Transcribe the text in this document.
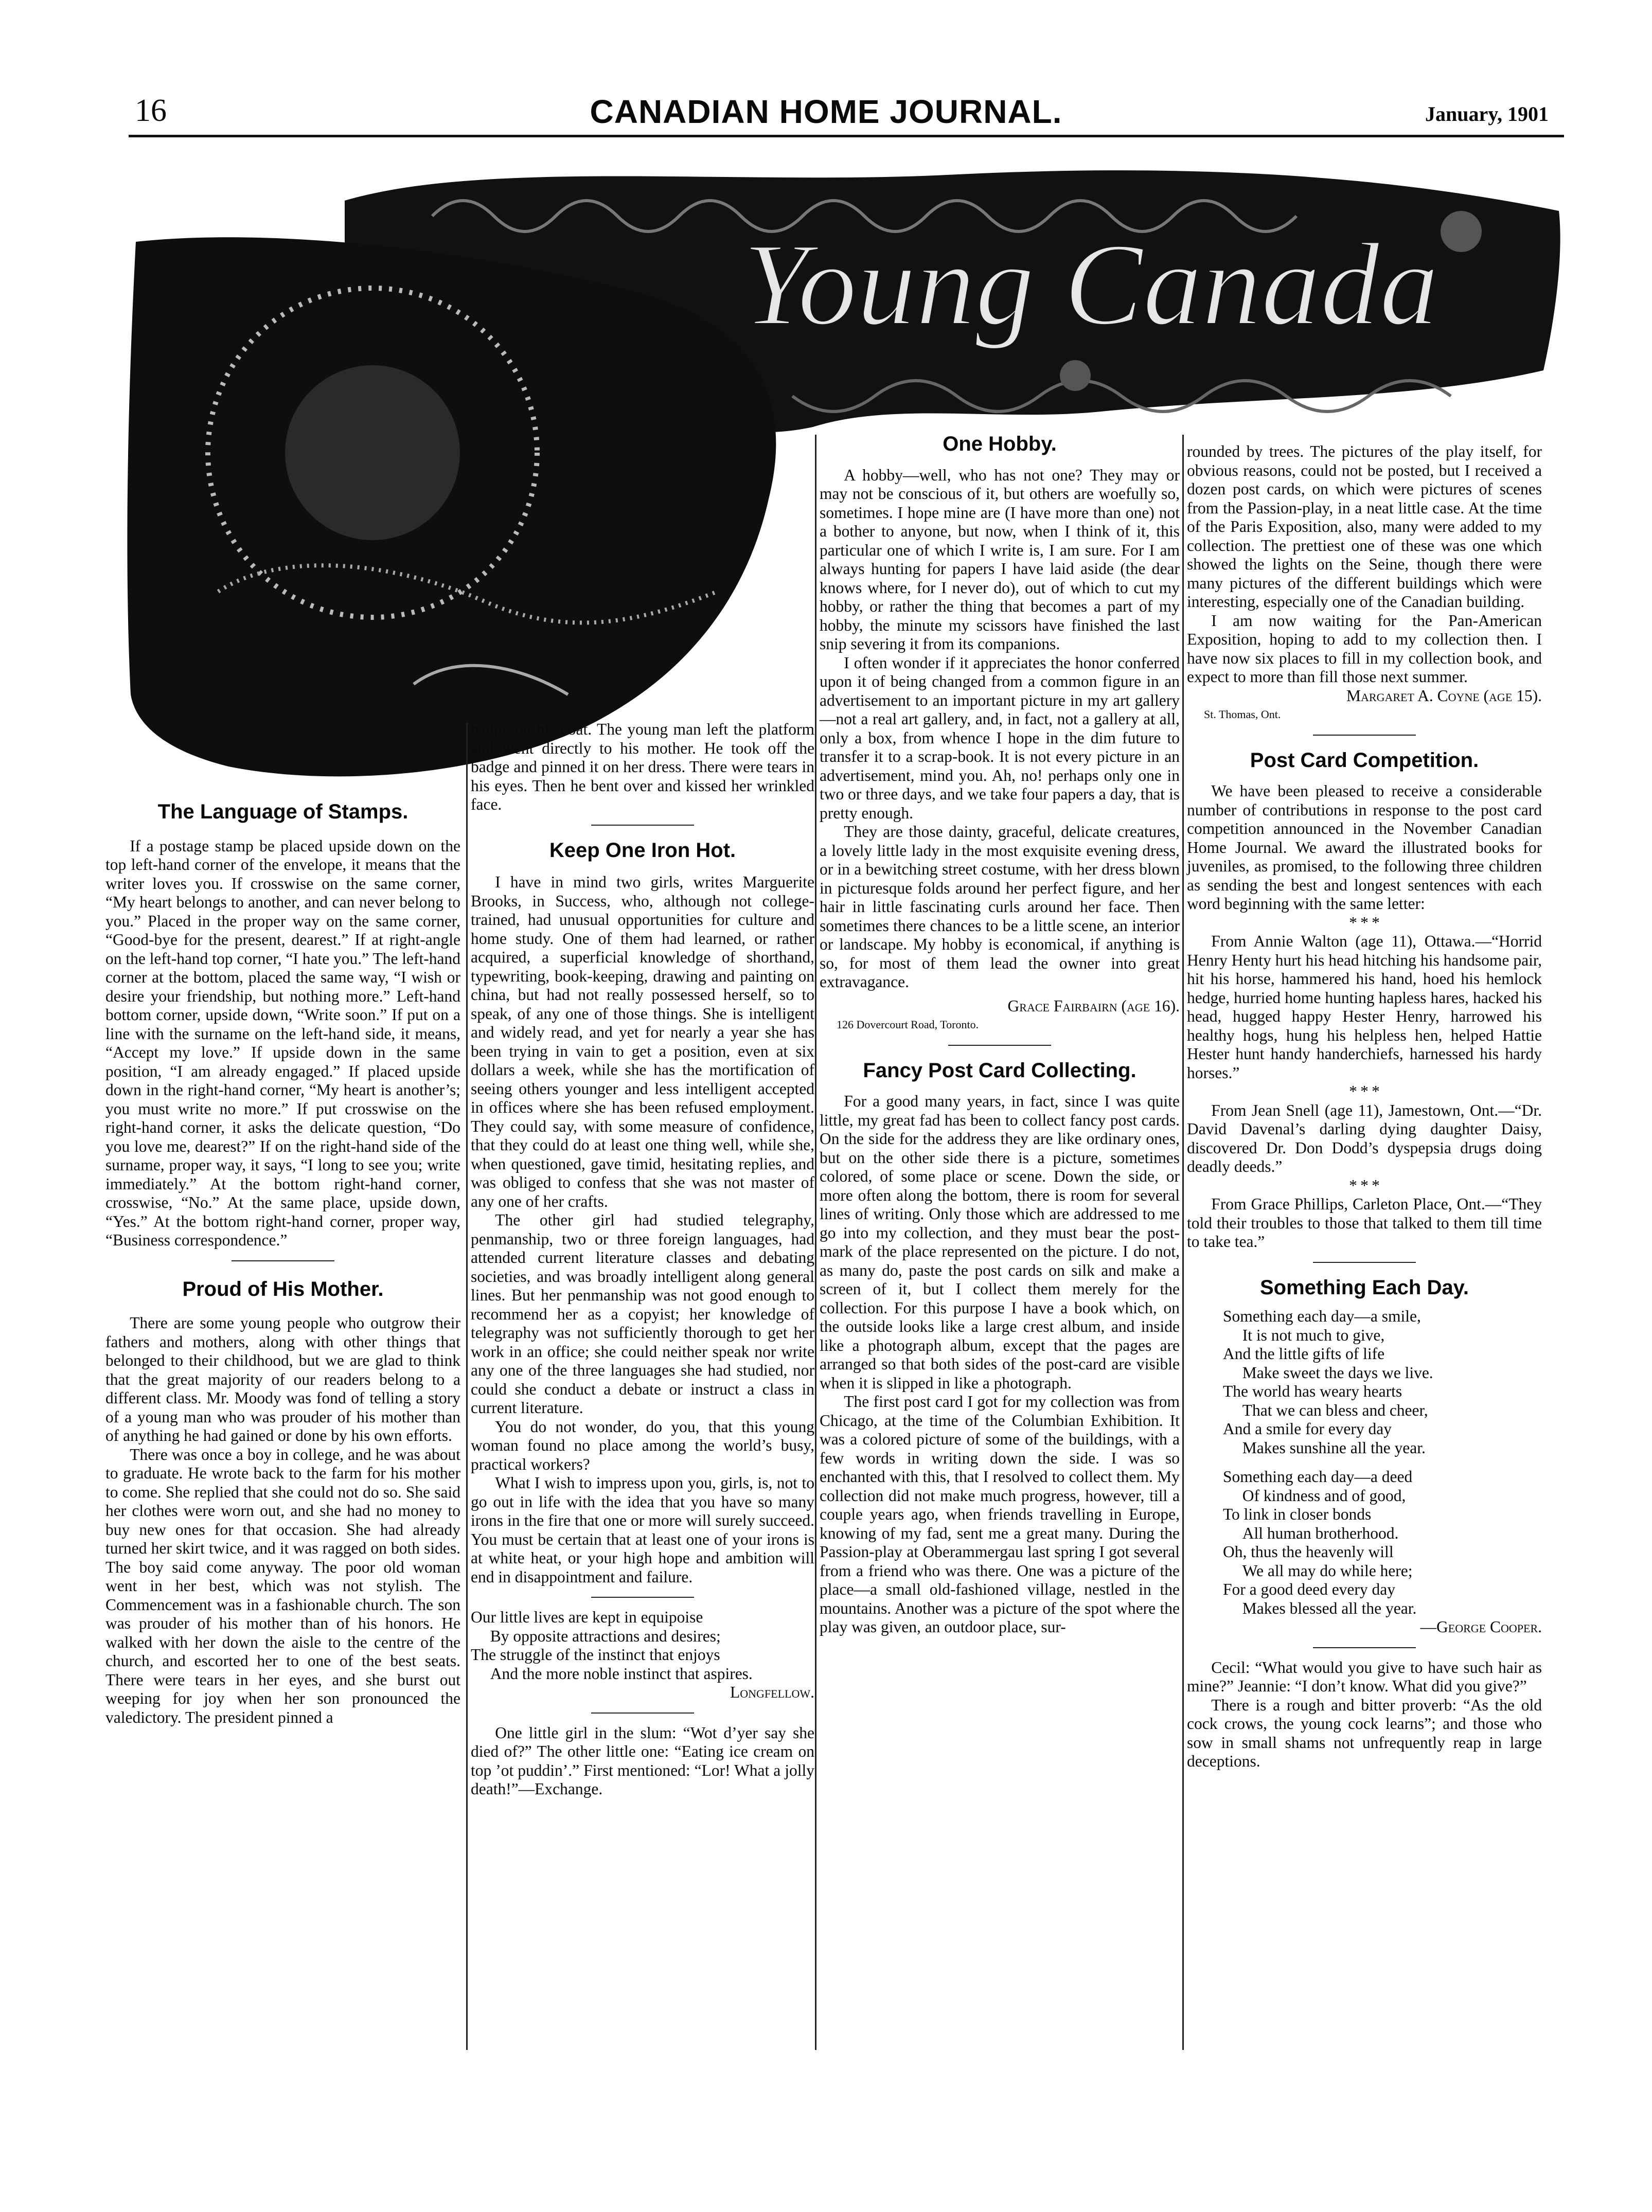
16	CANADIAN HOME JOURNAL.	January, 1901
Young Canada
The Language of Stamps.

If a postage stamp be placed upside down on the top left-hand corner of the envelope, it means that the writer loves you. If crosswise on the same corner, “My heart belongs to another, and can never belong to you.” Placed in the proper way on the same corner, “Good-bye for the present, dearest.” If at right-angle on the left-hand top corner, “I hate you.” The left-hand corner at the bottom, placed the same way, “I wish or desire your friendship, but nothing more.” Left-hand bottom corner, upside down, “Write soon.” If put on a line with the surname on the left-hand side, it means, “Accept my love.” If upside down in the same position, “I am already engaged.” If placed upside down in the right-hand corner, “My heart is another’s; you must write no more.” If put crosswise on the right-hand corner, it asks the delicate question, “Do you love me, dearest?” If on the right-hand side of the surname, proper way, it says, “I long to see you; write immediately.” At the bottom right-hand corner, crosswise, “No.” At the same place, upside down, “Yes.” At the bottom right-hand corner, proper way, “Business correspondence.”

Proud of His Mother.

There are some young people who outgrow their fathers and mothers, along with other things that belonged to their childhood, but we are glad to think that the great majority of our readers belong to a different class. Mr. Moody was fond of telling a story of a young man who was prouder of his mother than of anything he had gained or done by his own efforts.

There was once a boy in college, and he was about to graduate. He wrote back to the farm for his mother to come. She replied that she could not do so. She said her clothes were worn out, and she had no money to buy new ones for that occasion. She had already turned her skirt twice, and it was ragged on both sides. The boy said come anyway. The poor old woman went in her best, which was not stylish. The Commencement was in a fashionable church. The son was prouder of his mother than of his honors. He walked with her down the aisle to the centre of the church, and escorted her to one of the best seats. There were tears in her eyes, and she burst out weeping for joy when her son pronounced the valedictory. The president pinned a

badge on his coat. The young man left the platform and went directly to his mother. He took off the badge and pinned it on her dress. There were tears in his eyes. Then he bent over and kissed her wrinkled face.

Keep One Iron Hot.

I have in mind two girls, writes Marguerite Brooks, in Success, who, although not college-trained, had unusual opportunities for culture and home study. One of them had learned, or rather acquired, a superficial knowledge of shorthand, typewriting, book-keeping, drawing and painting on china, but had not really possessed herself, so to speak, of any one of those things. She is intelligent and widely read, and yet for nearly a year she has been trying in vain to get a position, even at six dollars a week, while she has the mortification of seeing others younger and less intelligent accepted in offices where she has been refused employment. They could say, with some measure of confidence, that they could do at least one thing well, while she, when questioned, gave timid, hesitating replies, and was obliged to confess that she was not master of any one of her crafts.

The other girl had studied telegraphy, penmanship, two or three foreign languages, had attended current literature classes and debating societies, and was broadly intelligent along general lines. But her penmanship was not good enough to recommend her as a copyist; her knowledge of telegraphy was not sufficiently thorough to get her work in an office; she could neither speak nor write any one of the three languages she had studied, nor could she conduct a debate or instruct a class in current literature.

You do not wonder, do you, that this young woman found no place among the world’s busy, practical workers?

What I wish to impress upon you, girls, is, not to go out in life with the idea that you have so many irons in the fire that one or more will surely succeed. You must be certain that at least one of your irons is at white heat, or your high hope and ambition will end in disappointment and failure.

Our little lives are kept in equipoise
By opposite attractions and desires;
The struggle of the instinct that enjoys
And the more noble instinct that aspires.

Longfellow.

One little girl in the slum: “Wot d’yer say she died of?” The other little one: “Eating ice cream on top ’ot puddin’.” First mentioned: “Lor! What a jolly death!”—Exchange.

One Hobby.

A hobby—well, who has not one? They may or may not be conscious of it, but others are woefully so, sometimes. I hope mine are (I have more than one) not a bother to anyone, but now, when I think of it, this particular one of which I write is, I am sure. For I am always hunting for papers I have laid aside (the dear knows where, for I never do), out of which to cut my hobby, or rather the thing that becomes a part of my hobby, the minute my scissors have finished the last snip severing it from its companions.

I often wonder if it appreciates the honor conferred upon it of being changed from a common figure in an advertisement to an important picture in my art gallery—not a real art gallery, and, in fact, not a gallery at all, only a box, from whence I hope in the dim future to transfer it to a scrap-book. It is not every picture in an advertisement, mind you. Ah, no! perhaps only one in two or three days, and we take four papers a day, that is pretty enough.

They are those dainty, graceful, delicate creatures, a lovely little lady in the most exquisite evening dress, or in a bewitching street costume, with her dress blown in picturesque folds around her perfect figure, and her hair in little fascinating curls around her face. Then sometimes there chances to be a little scene, an interior or landscape. My hobby is economical, if anything is so, for most of them lead the owner into great extravagance.

Grace Fairbairn (age 16).

126 Dovercourt Road, Toronto.

Fancy Post Card Collecting.

For a good many years, in fact, since I was quite little, my great fad has been to collect fancy post cards. On the side for the address they are like ordinary ones, but on the other side there is a picture, sometimes colored, of some place or scene. Down the side, or more often along the bottom, there is room for several lines of writing. Only those which are addressed to me go into my collection, and they must bear the post-mark of the place represented on the picture. I do not, as many do, paste the post cards on silk and make a screen of it, but I collect them merely for the collection. For this purpose I have a book which, on the outside looks like a large crest album, and inside like a photograph album, except that the pages are arranged so that both sides of the post-card are visible when it is slipped in like a photograph.

The first post card I got for my collection was from Chicago, at the time of the Columbian Exhibition. It was a colored picture of some of the buildings, with a few words in writing down the side. I was so enchanted with this, that I resolved to collect them. My collection did not make much progress, however, till a couple years ago, when friends travelling in Europe, knowing of my fad, sent me a great many. During the Passion-play at Oberammergau last spring I got several from a friend who was there. One was a picture of the place—a small old-fashioned village, nestled in the mountains. Another was a picture of the spot where the play was given, an outdoor place, sur-

rounded by trees. The pictures of the play itself, for obvious reasons, could not be posted, but I received a dozen post cards, on which were pictures of scenes from the Passion-play, in a neat little case. At the time of the Paris Exposition, also, many were added to my collection. The prettiest one of these was one which showed the lights on the Seine, though there were many pictures of the different buildings which were interesting, especially one of the Canadian building.

I am now waiting for the Pan-American Exposition, hoping to add to my collection then. I have now six places to fill in my collection book, and expect to more than fill those next summer.

Margaret A. Coyne (age 15).

St. Thomas, Ont.

Post Card Competition.

We have been pleased to receive a considerable number of contributions in response to the post card competition announced in the November Canadian Home Journal. We award the illustrated books for juveniles, as promised, to the following three children as sending the best and longest sentences with each word beginning with the same letter:

* * *

From Annie Walton (age 11), Ottawa.—“Horrid Henry Henty hurt his head hitching his handsome pair, hit his horse, hammered his hand, hoed his hemlock hedge, hurried home hunting hapless hares, hacked his head, hugged happy Hester Henry, harrowed his healthy hogs, hung his helpless hen, helped Hattie Hester hunt handy handerchiefs, harnessed his hardy horses.”

* * *

From Jean Snell (age 11), Jamestown, Ont.—“Dr. David Davenal’s darling dying daughter Daisy, discovered Dr. Don Dodd’s dyspepsia drugs doing deadly deeds.”

* * *

From Grace Phillips, Carleton Place, Ont.—“They told their troubles to those that talked to them till time to take tea.”

Something Each Day.
Something each day—a smile,
It is not much to give,
And the little gifts of life
Make sweet the days we live.
The world has weary hearts
That we can bless and cheer,
And a smile for every day
Makes sunshine all the year.
Something each day—a deed
Of kindness and of good,
To link in closer bonds
All human brotherhood.
Oh, thus the heavenly will
We all may do while here;
For a good deed every day
Makes blessed all the year.

—George Cooper.

Cecil: “What would you give to have such hair as mine?” Jeannie: “I don’t know. What did you give?”

There is a rough and bitter proverb: “As the old cock crows, the young cock learns”; and those who sow in small shams not unfrequently reap in large deceptions.
